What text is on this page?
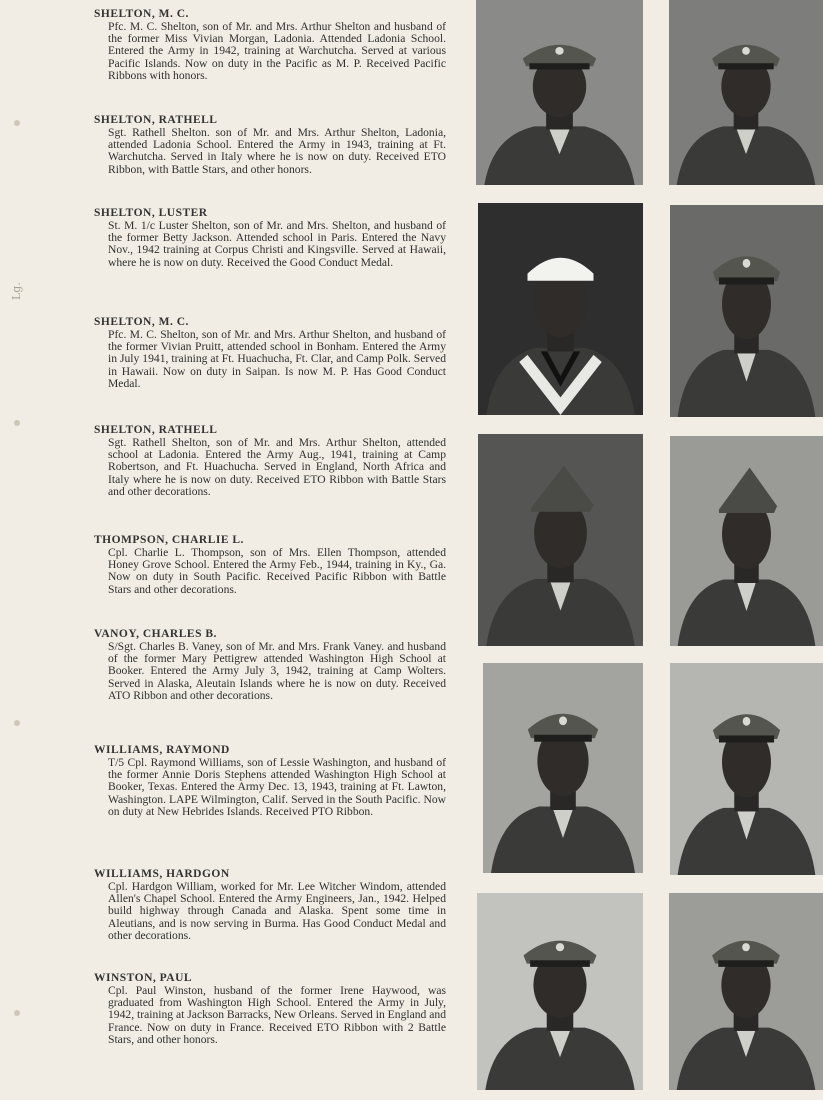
Lg.

SHELTON, M. C.

Pfc. M. C. Shelton, son of Mr. and Mrs. Arthur Shelton and husband of the former Miss Vivian Morgan, Ladonia. Attended Ladonia School. Entered the Army in 1942, training at Warchutcha. Served at various Pacific Islands. Now on duty in the Pacific as M. P. Received Pacific Ribbons with honors.

SHELTON, RATHELL

Sgt. Rathell Shelton. son of Mr. and Mrs. Arthur Shelton, Ladonia, attended Ladonia School. Entered the Army in 1943, training at Ft. Warchutcha. Served in Italy where he is now on duty. Received ETO Ribbon, with Battle Stars, and other honors.

SHELTON, LUSTER

St. M. 1/c Luster Shelton, son of Mr. and Mrs. Shelton, and husband of the former Betty Jackson. Attended school in Paris. Entered the Navy Nov., 1942 training at Corpus Christi and Kingsville. Served at Hawaii, where he is now on duty. Received the Good Conduct Medal.

SHELTON, M. C.

Pfc. M. C. Shelton, son of Mr. and Mrs. Arthur Shelton, and husband of the former Vivian Pruitt, attended school in Bonham. Entered the Army in July 1941, training at Ft. Huachucha, Ft. Clar, and Camp Polk. Served in Hawaii. Now on duty in Saipan. Is now M. P. Has Good Conduct Medal.

SHELTON, RATHELL

Sgt. Rathell Shelton, son of Mr. and Mrs. Arthur Shelton, attended school at Ladonia. Entered the Army Aug., 1941, training at Camp Robertson, and Ft. Huachucha. Served in England, North Africa and Italy where he is now on duty. Received ETO Ribbon with Battle Stars and other decorations.

THOMPSON, CHARLIE L.

Cpl. Charlie L. Thompson, son of Mrs. Ellen Thompson, attended Honey Grove School. Entered the Army Feb., 1944, training in Ky., Ga. Now on duty in South Pacific. Received Pacific Ribbon with Battle Stars and other decorations.

VANOY, CHARLES B.

S/Sgt. Charles B. Vaney, son of Mr. and Mrs. Frank Vaney. and husband of the former Mary Pettigrew attended Washington High School at Booker. Entered the Army July 3, 1942, training at Camp Wolters. Served in Alaska, Aleutain Islands where he is now on duty. Received ATO Ribbon and other decorations.

WILLIAMS, RAYMOND

T/5 Cpl. Raymond Williams, son of Lessie Washington, and husband of the former Annie Doris Stephens attended Washington High School at Booker, Texas. Entered the Army Dec. 13, 1943, training at Ft. Lawton, Washington. LAPE Wilmington, Calif. Served in the South Pacific. Now on duty at New Hebrides Islands. Received PTO Ribbon.

WILLIAMS, HARDGON

Cpl. Hardgon William, worked for Mr. Lee Witcher Windom, attended Allen's Chapel School. Entered the Army Engineers, Jan., 1942. Helped build highway through Canada and Alaska. Spent some time in Aleutians, and is now serving in Burma. Has Good Conduct Medal and other decorations.

WINSTON, PAUL

Cpl. Paul Winston, husband of the former Irene Haywood, was graduated from Washington High School. Entered the Army in July, 1942, training at Jackson Barracks, New Orleans. Served in England and France. Now on duty in France. Received ETO Ribbon with 2 Battle Stars, and other honors.
